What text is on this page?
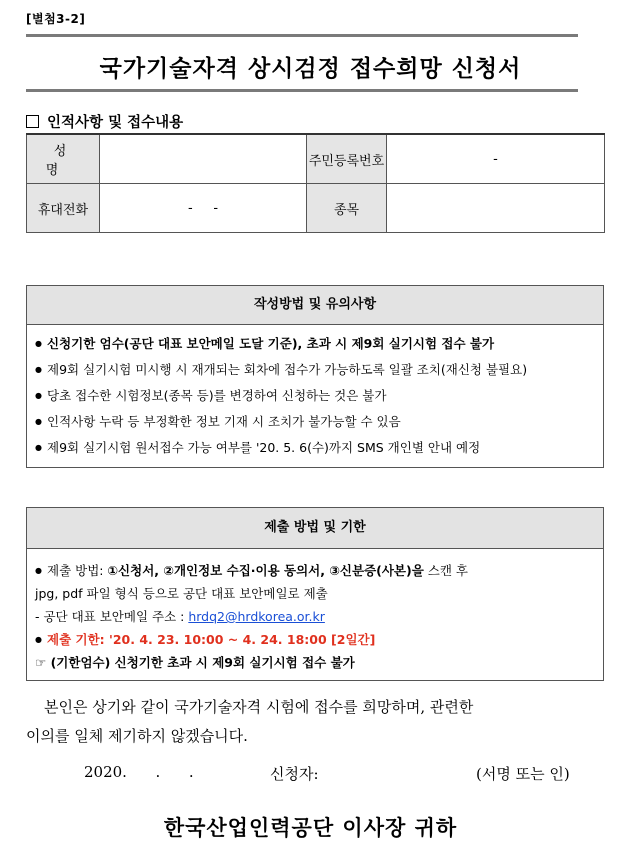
[별첨3-2]
국가기술자격 상시검정 접수희망 신청서
인적사항 및 접수내용
성 명		주민등록번호	-
휴대전화	-     -	종목	
작성방법 및 유의사항
● 신청기한 엄수(공단 대표 보안메일 도달 기준), 초과 시 제9회 실기시험 접수 불가
● 제9회 실기시험 미시행 시 재개되는 회차에 접수가 가능하도록 일괄 조치(재신청 불필요)
● 당초 접수한 시험정보(종목 등)를 변경하여 신청하는 것은 불가
● 인적사항 누락 등 부정확한 정보 기재 시 조치가 불가능할 수 있음
● 제9회 실기시험 원서접수 가능 여부를 '20. 5. 6(수)까지 SMS 개인별 안내 예정
제출 방법 및 기한
● 제출 방법: ①신청서, ②개인정보 수집·이용 동의서, ③신분증(사본)을 스캔 후
jpg, pdf 파일 형식 등으로 공단 대표 보안메일로 제출
- 공단 대표 보안메일 주소 : hrdq2@hrdkorea.or.kr
● 제출 기한: '20. 4. 23. 10:00 ~ 4. 24. 18:00 [2일간]
☞ (기한엄수) 신청기한 초과 시 제9회 실기시험 접수 불가
본인은 상기와 같이 국가기술자격 시험에 접수를 희망하며, 관련한
이의를 일체 제기하지 않겠습니다.
2020.      .      .	신청자:	(서명 또는 인)
한국산업인력공단 이사장 귀하
